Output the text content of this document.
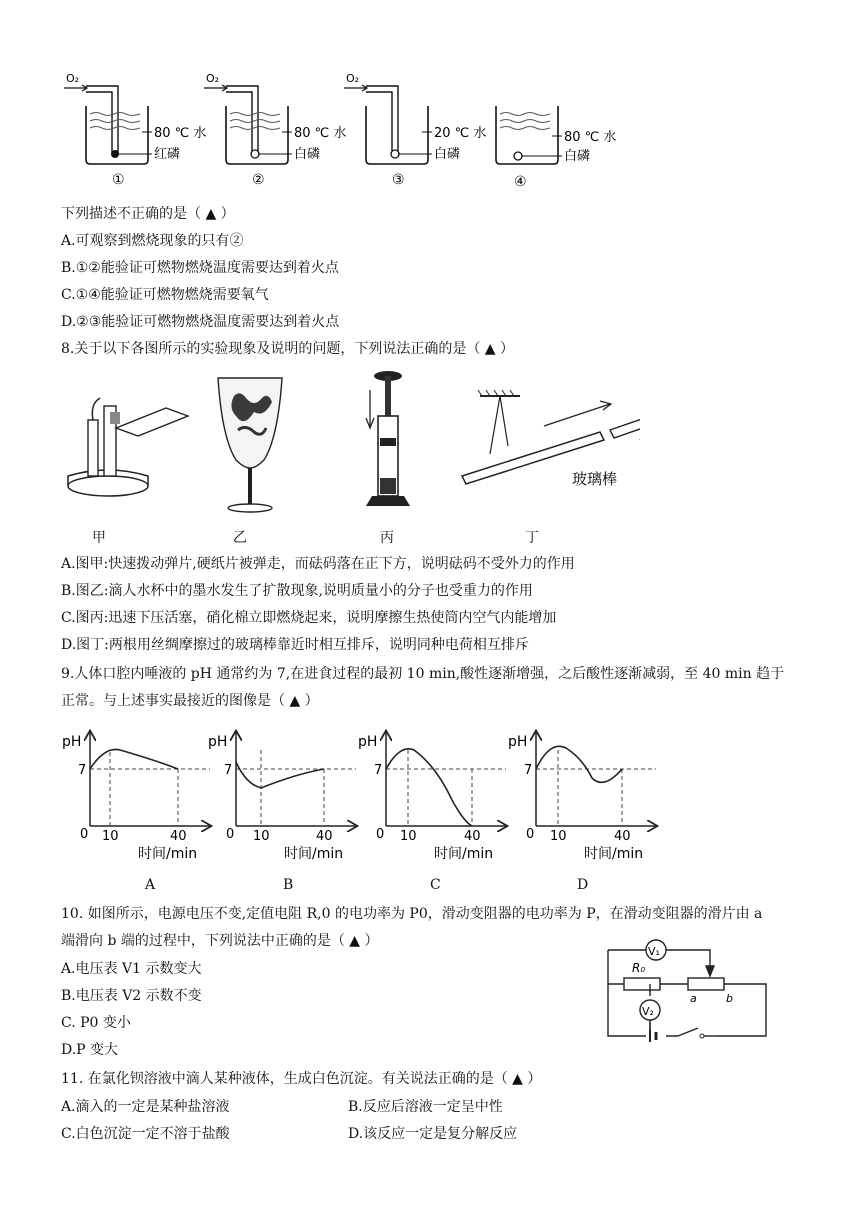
O₂
80 ℃ 水
红磷
①
O₂
80 ℃ 水
白磷
②
O₂
20 ℃ 水
白磷
③
80 ℃ 水
白磷
④
下列描述不正确的是（ ▲ ）
A.可观察到燃烧现象的只有②
B.①②能验证可燃物燃烧温度需要达到着火点
C.①④能验证可燃物燃烧需要氧气
D.②③能验证可燃物燃烧温度需要达到着火点
8.关于以下各图所示的实验现象及说明的问题，下列说法正确的是（ ▲ ）
玻璃棒
甲	乙	丙	丁
A.图甲:快速拨动弹片,硬纸片被弹走，而砝码落在正下方，说明砝码不受外力的作用
B.图乙:滴人水杯中的墨水发生了扩散现象,说明质量小的分子也受重力的作用
C.图丙:迅速下压活塞，硝化棉立即燃烧起来，说明摩擦生热使筒内空气内能增加
D.图丁:两根用丝绸摩擦过的玻璃棒靠近时相互排斥，说明同种电荷相互排斥
9.人体口腔内唾液的 pH 通常约为 7,在进食过程的最初 10 min,酸性逐渐增强，之后酸性逐渐减弱，至 40 min 趋于
正常。与上述事实最接近的图像是（ ▲ ）
pH
7
0 10	40
时间/min
pH
7
0 10	40
时间/min
pH
7
0 10	40
时间/min
pH
7
0 10	40
时间/min
A	B	C	D
10. 如图所示，电源电压不变,定值电阻 R,0 的电功率为 P0，滑动变阻器的电功率为 P，在滑动变阻器的滑片由 a
端滑向 b 端的过程中，下列说法中正确的是（ ▲ ）
A.电压表 V1 示数变大
B.电压表 V2 示数不变
C. P0 变小
D.P 变大
V₁
R₀
a	b
V₂
11. 在氯化钡溶液中滴人某种液体，生成白色沉淀。有关说法正确的是（ ▲ ）
A.滴入的一定是某种盐溶液	B.反应后溶液一定呈中性
C.白色沉淀一定不溶于盐酸	D.该反应一定是复分解反应
